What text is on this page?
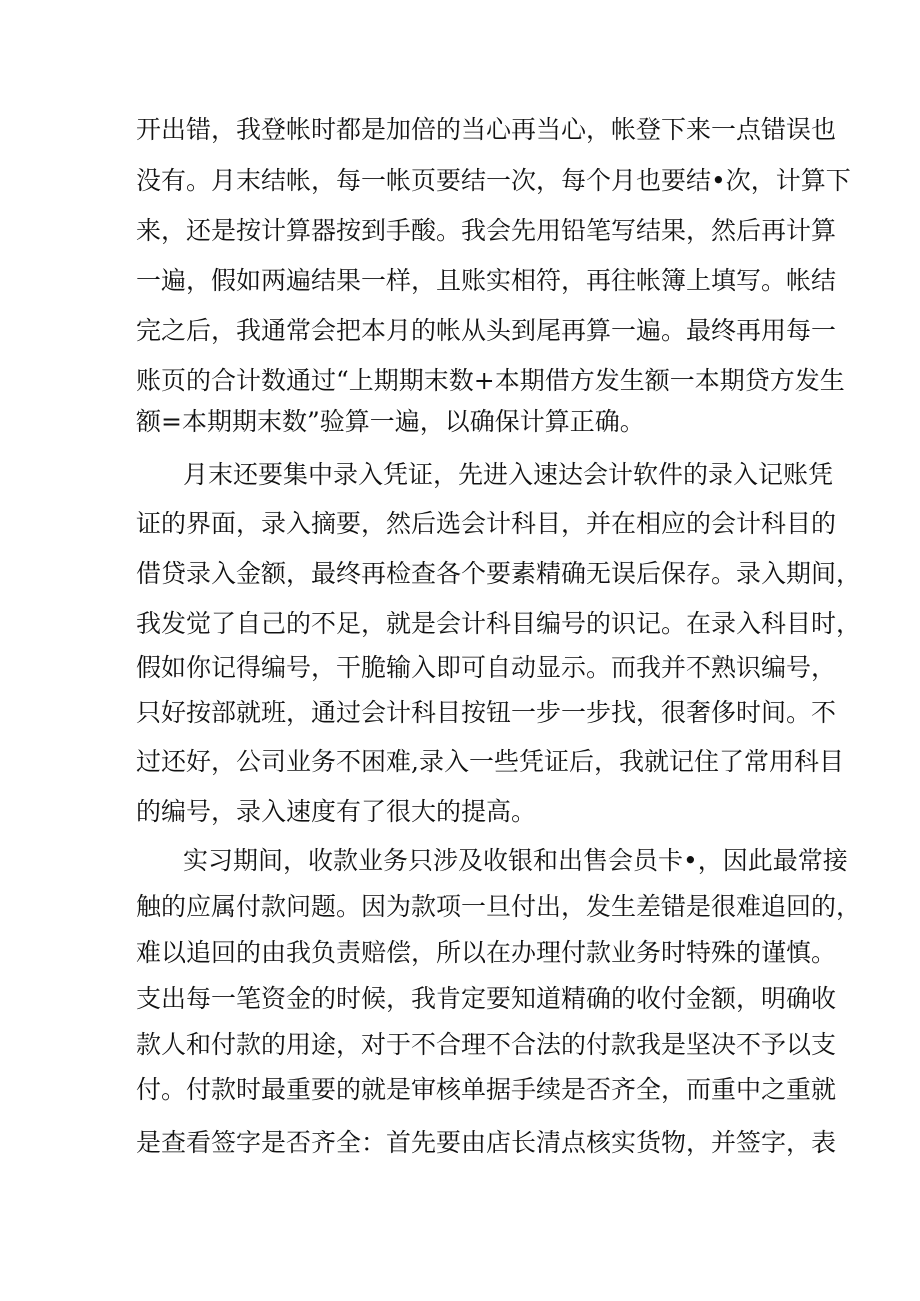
开出错，我登帐时都是加倍的当心再当心，帐登下来一点错误也
没有。月末结帐，每一帐页要结一次，每个月也要结•次，计算下
来，还是按计算器按到手酸。我会先用铅笔写结果，然后再计算
一遍，假如两遍结果一样，且账实相符，再往帐簿上填写。帐结
完之后，我通常会把本月的帐从头到尾再算一遍。最终再用每一
账页的合计数通过“上期期末数+本期借方发生额一本期贷方发生
额=本期期末数”验算一遍，以确保计算正确。
月末还要集中录入凭证，先进入速达会计软件的录入记账凭
证的界面，录入摘要，然后选会计科目，并在相应的会计科目的
借贷录入金额，最终再检查各个要素精确无误后保存。录入期间，
我发觉了自己的不足，就是会计科目编号的识记。在录入科目时，
假如你记得编号，干脆输入即可自动显示。而我并不熟识编号，
只好按部就班，通过会计科目按钮一步一步找，很奢侈时间。不
过还好，公司业务不困难,录入一些凭证后，我就记住了常用科目
的编号，录入速度有了很大的提高。
实习期间，收款业务只涉及收银和出售会员卡•，因此最常接
触的应属付款问题。因为款项一旦付出，发生差错是很难追回的，
难以追回的由我负责赔偿，所以在办理付款业务时特殊的谨慎。
支出每一笔资金的时候，我肯定要知道精确的收付金额，明确收
款人和付款的用途，对于不合理不合法的付款我是坚决不予以支
付。付款时最重要的就是审核单据手续是否齐全，而重中之重就
是查看签字是否齐全：首先要由店长清点核实货物，并签字，表
